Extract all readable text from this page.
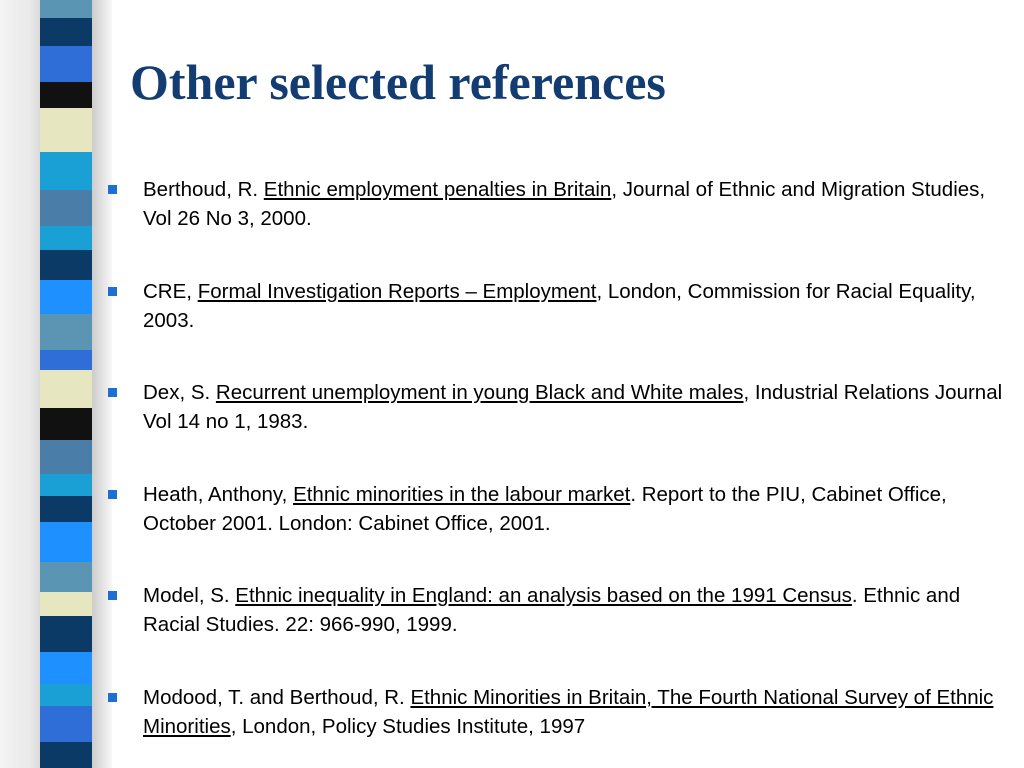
Other selected references
Berthoud, R. Ethnic employment penalties in Britain, Journal of Ethnic and Migration Studies, Vol 26 No 3, 2000.
CRE, Formal Investigation Reports – Employment, London, Commission for Racial Equality, 2003.
Dex, S. Recurrent unemployment in young Black and White males, Industrial Relations Journal Vol 14 no 1, 1983.
Heath, Anthony, Ethnic minorities in the labour market. Report to the PIU, Cabinet Office, October 2001. London: Cabinet Office, 2001.
Model, S. Ethnic inequality in England: an analysis based on the 1991 Census. Ethnic and Racial Studies. 22: 966-990, 1999.
Modood, T. and Berthoud, R. Ethnic Minorities in Britain, The Fourth National Survey of Ethnic Minorities, London, Policy Studies Institute, 1997
